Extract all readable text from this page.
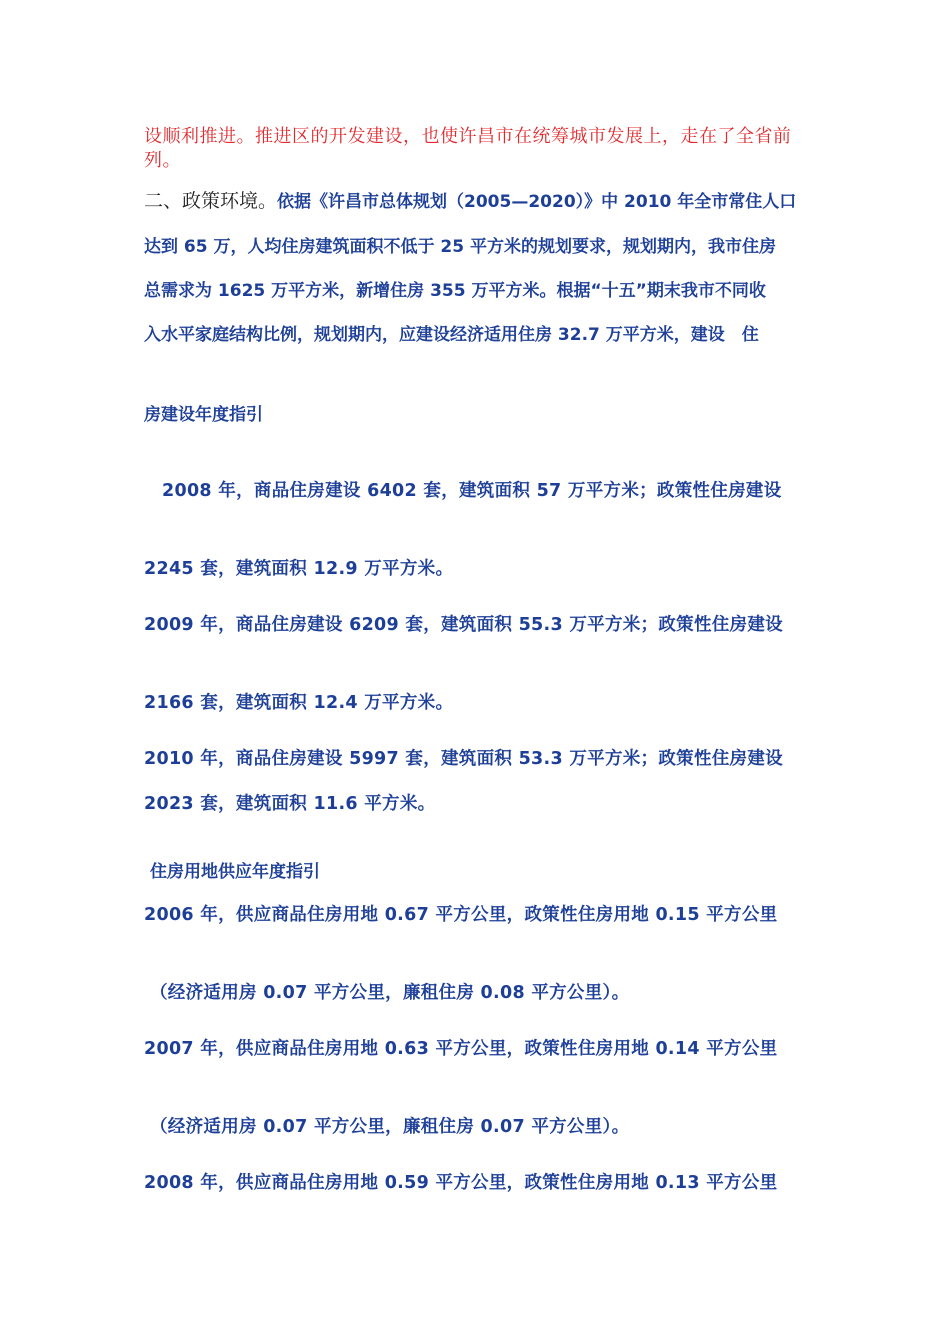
设顺利推进。推进区的开发建设，也使许昌市在统筹城市发展上，走在了全省前
列。
二、政策环境。依据《许昌市总体规划（2005—2020）》中 2010 年全市常住人口
达到 65 万，人均住房建筑面积不低于 25 平方米的规划要求，规划期内，我市住房
总需求为 1625 万平方米，新增住房 355 万平方米。根据“十五”期末我市不同收
入水平家庭结构比例，规划期内，应建设经济适用住房 32.7 万平方米，建设　住
房建设年度指引
2008 年，商品住房建设 6402 套，建筑面积 57 万平方米；政策性住房建设
2245 套，建筑面积 12.9 万平方米。
2009 年，商品住房建设 6209 套，建筑面积 55.3 万平方米；政策性住房建设
2166 套，建筑面积 12.4 万平方米。
2010 年，商品住房建设 5997 套，建筑面积 53.3 万平方米；政策性住房建设
2023 套，建筑面积 11.6 平方米。
住房用地供应年度指引
2006 年，供应商品住房用地 0.67 平方公里，政策性住房用地 0.15 平方公里
（经济适用房 0.07 平方公里，廉租住房 0.08 平方公里）。
2007 年，供应商品住房用地 0.63 平方公里，政策性住房用地 0.14 平方公里
（经济适用房 0.07 平方公里，廉租住房 0.07 平方公里）。
2008 年，供应商品住房用地 0.59 平方公里，政策性住房用地 0.13 平方公里
